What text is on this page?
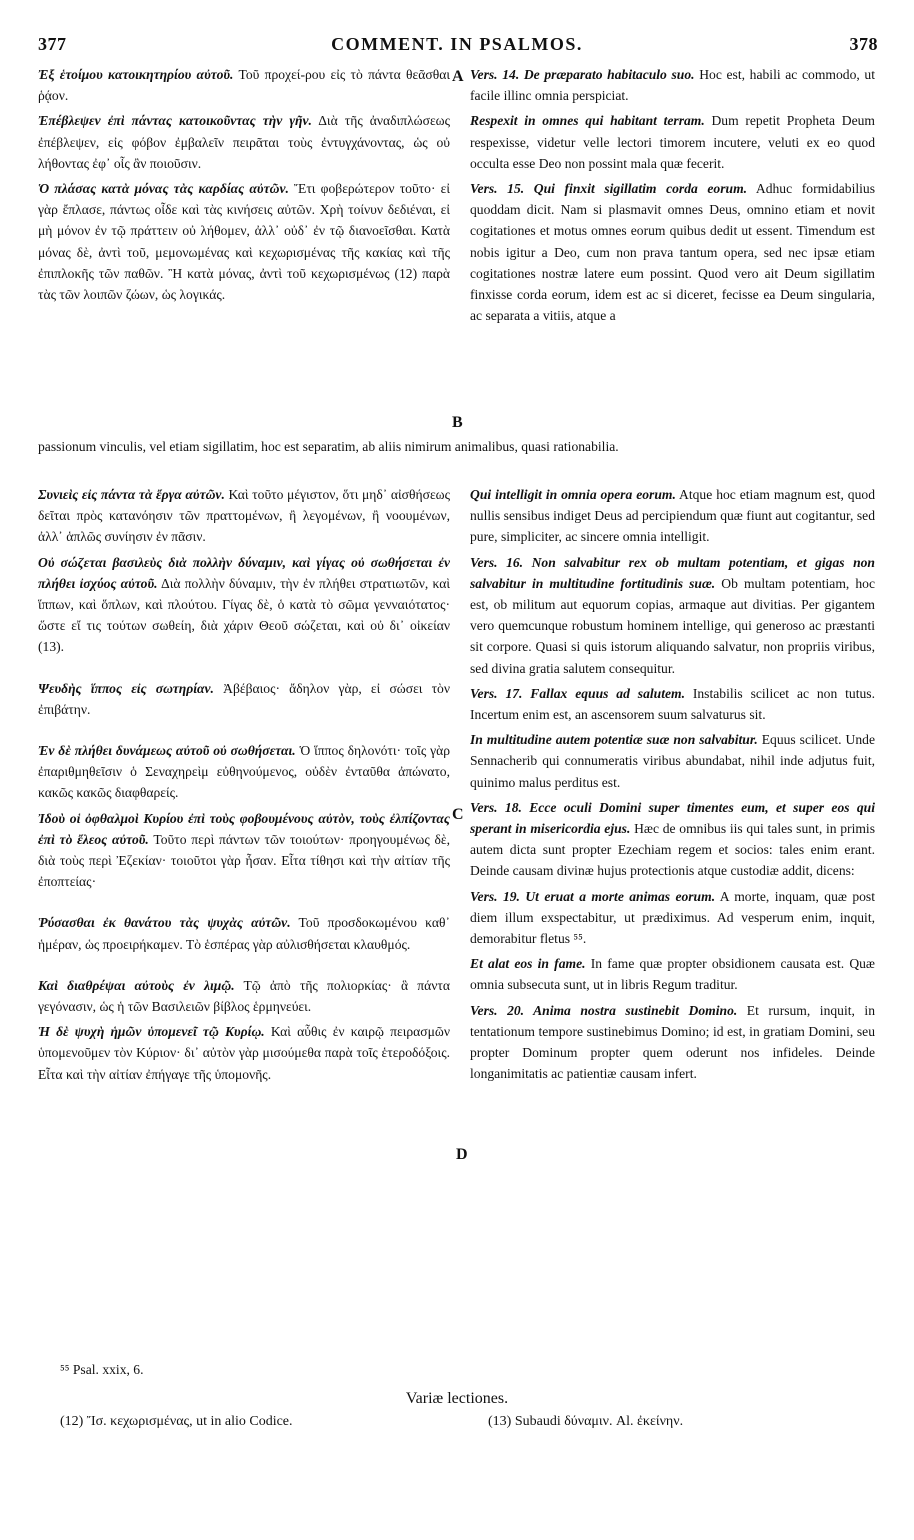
377	COMMENT. IN PSALMOS.	378

Ἐξ ἑτοίμου κατοικητηρίου αὐτοῦ. Τοῦ προχεί-ρου εἰς τὸ πάντα θεᾶσθαι ῥᾴον.

Ἐπέβλεψεν ἐπὶ πάντας κατοικοῦντας τὴν γῆν. Διὰ τῆς ἀναδιπλώσεως ἐπέβλεψεν, εἰς φόβον ἐμβαλεῖν πειρᾶται τοὺς ἐντυγχάνοντας, ὡς οὐ λήθοντας ἐφ᾽ οἷς ἂν ποιοῦσιν.

Ὁ πλάσας κατὰ μόνας τὰς καρδίας αὐτῶν. Ἔτι φοβερώτερον τοῦτο· εἰ γὰρ ἔπλασε, πάντως οἶδε καὶ τὰς κινήσεις αὐτῶν. Χρὴ τοίνυν δεδιέναι, εἰ μὴ μόνον ἐν τῷ πράττειν οὐ λήθομεν, ἀλλ᾽ οὐδ᾽ ἐν τῷ διανοεῖσθαι. Κατὰ μόνας δὲ, ἀντὶ τοῦ, μεμονωμένας καὶ κεχωρισμένας τῆς κακίας καὶ τῆς ἐπιπλοκῆς τῶν παθῶν. Ἢ κατὰ μόνας, ἀντὶ τοῦ κεχωρισμένως (12) παρὰ τὰς τῶν λοιπῶν ζώων, ὡς λογικάς.

Vers. 14. De præparato habitaculo suo. Hoc est, habili ac commodo, ut facile illinc omnia perspiciat.

Respexit in omnes qui habitant terram. Dum repetit Propheta Deum respexisse, videtur velle lectori timorem incutere, veluti ex eo quod occulta esse Deo non possint mala quæ fecerit.

Vers. 15. Qui finxit sigillatim corda eorum. Adhuc formidabilius quoddam dicit. Nam si plasmavit omnes Deus, omnino etiam et novit cogitationes et motus omnes eorum quibus dedit ut essent. Timendum est nobis igitur a Deo, cum non prava tantum opera, sed nec ipsæ etiam cogitationes nostræ latere eum possint. Quod vero ait Deum sigillatim finxisse corda eorum, idem est ac si diceret, fecisse ea Deum singularia, ac separata a vitiis, atque a

passionum vinculis, vel etiam sigillatim, hoc est separatim, ab aliis nimirum animalibus, quasi rationabilia.

Συνιεὶς εἰς πάντα τὰ ἔργα αὐτῶν. Καὶ τοῦτο μέγιστον, ὅτι μηδ᾽ αἰσθήσεως δεῖται πρὸς κατανόησιν τῶν πραττομένων, ἢ λεγομένων, ἢ νοουμένων, ἀλλ᾽ ἁπλῶς συνίησιν ἐν πᾶσιν.

Οὐ σώζεται βασιλεὺς διὰ πολλὴν δύναμιν, καὶ γίγας οὐ σωθήσεται ἐν πλήθει ἰσχύος αὐτοῦ. Διὰ πολλὴν δύναμιν, τὴν ἐν πλήθει στρατιωτῶν, καὶ ἵππων, καὶ ὅπλων, καὶ πλούτου. Γίγας δὲ, ὁ κατὰ τὸ σῶμα γενναιότατος· ὥστε εἴ τις τούτων σωθείη, διὰ χάριν Θεοῦ σώζεται, καὶ οὐ δι᾽ οἰκείαν (13).

Ψευδὴς ἵππος εἰς σωτηρίαν. Ἀβέβαιος· ἄδηλον γὰρ, εἰ σώσει τὸν ἐπιβάτην.

Ἐν δὲ πλήθει δυνάμεως αὐτοῦ οὐ σωθήσεται. Ὁ ἵππος δηλονότι· τοῖς γὰρ ἐπαριθμηθεῖσιν ὁ Σεναχηρεὶμ εὐθηνούμενος, οὐδὲν ἐνταῦθα ἀπώνατο, κακῶς κακῶς διαφθαρείς.

Ἰδοὺ οἱ ὀφθαλμοὶ Κυρίου ἐπὶ τοὺς φοβουμένους αὐτὸν, τοὺς ἐλπίζοντας ἐπὶ τὸ ἔλεος αὐτοῦ. Τοῦτο περὶ πάντων τῶν τοιούτων· προηγουμένως δὲ, διὰ τοὺς περὶ Ἐζεκίαν· τοιοῦτοι γὰρ ἦσαν. Εἶτα τίθησι καὶ τὴν αἰτίαν τῆς ἐποπτείας·

Ῥύσασθαι ἐκ θανάτου τὰς ψυχὰς αὐτῶν. Τοῦ προσδοκωμένου καθ᾽ ἡμέραν, ὡς προειρήκαμεν. Τὸ ἑσπέρας γὰρ αὐλισθήσεται κλαυθμός.

Καὶ διαθρέψαι αὐτοὺς ἐν λιμῷ. Τῷ ἀπὸ τῆς πολιορκίας· ἃ πάντα γεγόνασιν, ὡς ἡ τῶν Βασιλειῶν βίβλος ἑρμηνεύει.

Ἡ δὲ ψυχὴ ἡμῶν ὑπομενεῖ τῷ Κυρίῳ. Καὶ αὖθις ἐν καιρῷ πειρασμῶν ὑπομενοῦμεν τὸν Κύριον· δι᾽ αὐτὸν γὰρ μισούμεθα παρὰ τοῖς ἑτεροδόξοις. Εἶτα καὶ τὴν αἰτίαν ἐπήγαγε τῆς ὑπομονῆς.

Qui intelligit in omnia opera eorum. Atque hoc etiam magnum est, quod nullis sensibus indiget Deus ad percipiendum quæ fiunt aut cogitantur, sed pure, simpliciter, ac sincere omnia intelligit.

Vers. 16. Non salvabitur rex ob multam potentiam, et gigas non salvabitur in multitudine fortitudinis suæ. Ob multam potentiam, hoc est, ob militum aut equorum copias, armaque aut divitias. Per gigantem vero quemcunque robustum hominem intellige, qui generoso ac præstanti sit corpore. Quasi si quis istorum aliquando salvatur, non propriis viribus, sed divina gratia salutem consequitur.

Vers. 17. Fallax equus ad salutem. Instabilis scilicet ac non tutus. Incertum enim est, an ascensorem suum salvaturus sit.

In multitudine autem potentiæ suæ non salvabitur. Equus scilicet. Unde Sennacherib qui connumeratis viribus abundabat, nihil inde adjutus fuit, quinimo malus perditus est.

Vers. 18. Ecce oculi Domini super timentes eum, et super eos qui sperant in misericordia ejus. Hæc de omnibus iis qui tales sunt, in primis autem dicta sunt propter Ezechiam regem et socios: tales enim erant. Deinde causam divinæ hujus protectionis atque custodiæ addit, dicens:

Vers. 19. Ut eruat a morte animas eorum. A morte, inquam, quæ post diem illum exspectabitur, ut prædiximus. Ad vesperum enim, inquit, demorabitur fletus ⁵⁵.

Et alat eos in fame. In fame quæ propter obsidionem causata est. Quæ omnia subsecuta sunt, ut in libris Regum traditur.

Vers. 20. Anima nostra sustinebit Domino. Et rursum, inquit, in tentationum tempore sustinebimus Domino; id est, in gratiam Domini, seu propter Dominum propter quem oderunt nos infideles. Deinde longanimitatis ac patientiæ causam infert.

A
B
C
D
⁵⁵ Psal. xxix, 6.
Variæ lectiones.
(12) Ἴσ. κεχωρισμένας, ut in alio Codice.	(13) Subaudi δύναμιν. Al. ἐκείνην.
